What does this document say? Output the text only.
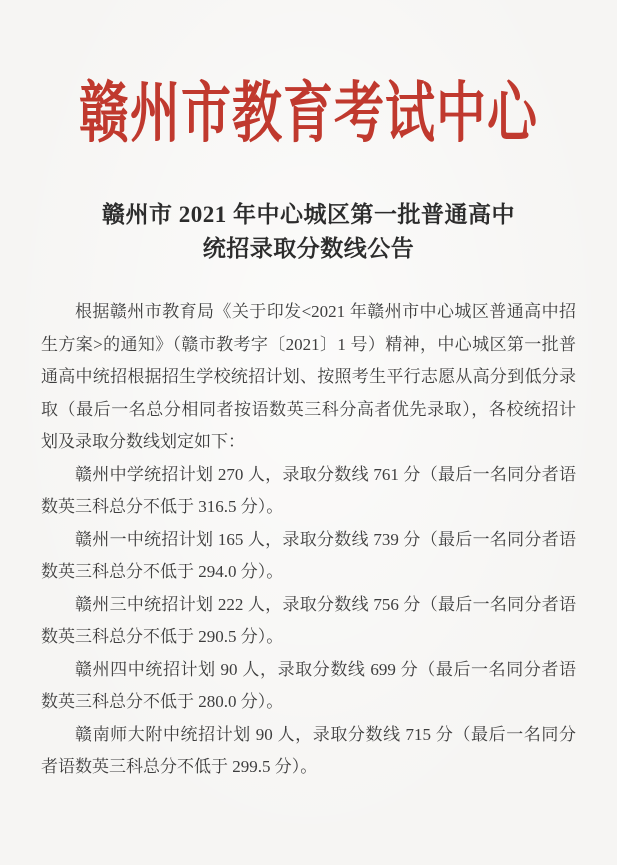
赣州市教育考试中心
赣州市 2021 年中心城区第一批普通高中
统招录取分数线公告

根据赣州市教育局《关于印发<2021 年赣州市中心城区普通高中招生方案>的通知》（赣市教考字〔2021〕1 号）精神，中心城区第一批普通高中统招根据招生学校统招计划、按照考生平行志愿从高分到低分录取（最后一名总分相同者按语数英三科分高者优先录取），各校统招计划及录取分数线划定如下：

赣州中学统招计划 270 人，录取分数线 761 分（最后一名同分者语数英三科总分不低于 316.5 分）。

赣州一中统招计划 165 人，录取分数线 739 分（最后一名同分者语数英三科总分不低于 294.0 分）。

赣州三中统招计划 222 人，录取分数线 756 分（最后一名同分者语数英三科总分不低于 290.5 分）。

赣州四中统招计划 90 人，录取分数线 699 分（最后一名同分者语数英三科总分不低于 280.0 分）。

赣南师大附中统招计划 90 人，录取分数线 715 分（最后一名同分者语数英三科总分不低于 299.5 分）。
